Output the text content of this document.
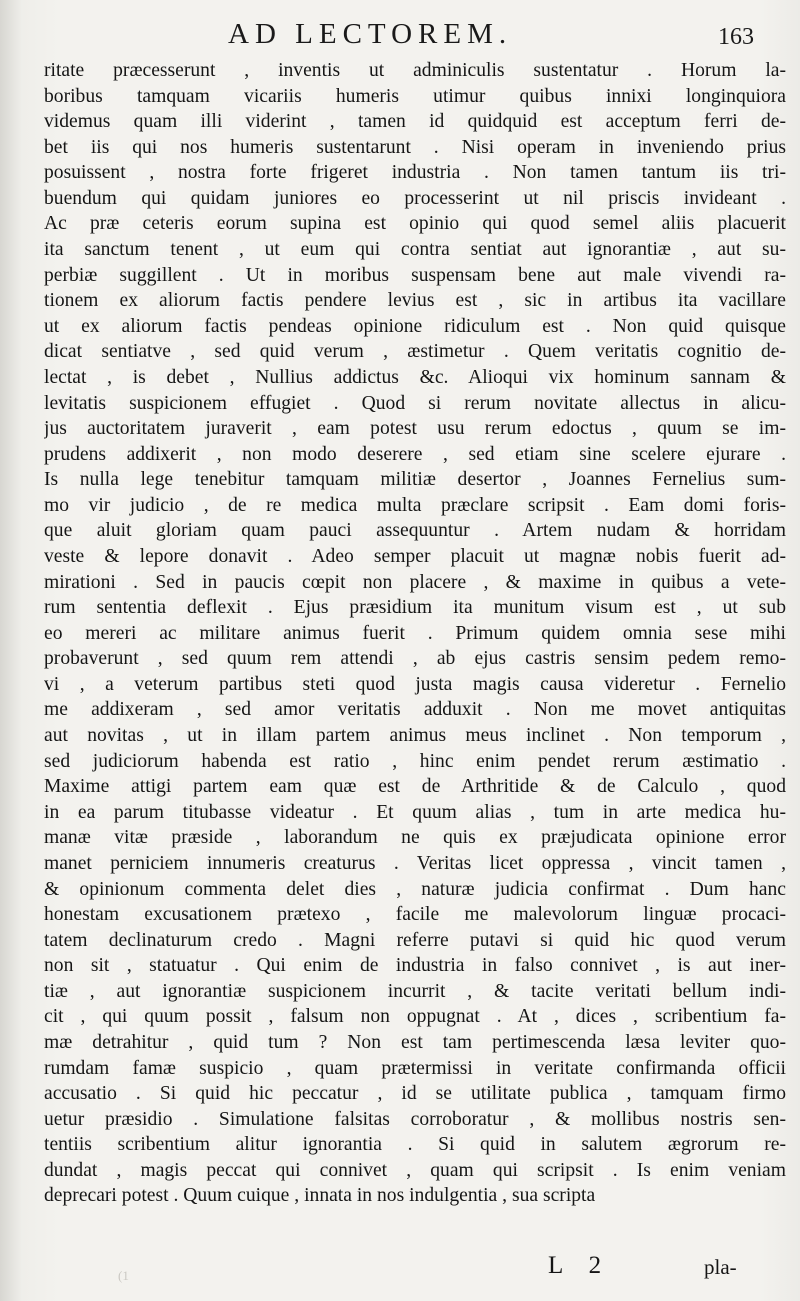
AD LECTOREM.	163
ritate præcesserunt , inventis ut adminiculis sustentatur . Horum la-
boribus tamquam vicariis humeris utimur quibus innixi longinquiora
videmus quam illi viderint , tamen id quidquid est acceptum ferri de-
bet iis qui nos humeris sustentarunt . Nisi operam in inveniendo prius
posuissent , nostra forte frigeret industria . Non tamen tantum iis tri-
buendum qui quidam juniores eo processerint ut nil priscis invideant .
Ac præ ceteris eorum supina est opinio qui quod semel aliis placuerit
ita sanctum tenent , ut eum qui contra sentiat aut ignorantiæ , aut su-
perbiæ suggillent . Ut in moribus suspensam bene aut male vivendi ra-
tionem ex aliorum factis pendere levius est , sic in artibus ita vacillare
ut ex aliorum factis pendeas opinione ridiculum est . Non quid quisque
dicat sentiatve , sed quid verum , æstimetur . Quem veritatis cognitio de-
lectat , is debet , Nullius addictus &c. Alioqui vix hominum sannam &
levitatis suspicionem effugiet . Quod si rerum novitate allectus in alicu-
jus auctoritatem juraverit , eam potest usu rerum edoctus , quum se im-
prudens addixerit , non modo deserere , sed etiam sine scelere ejurare .
Is nulla lege tenebitur tamquam militiæ desertor , Joannes Fernelius sum-
mo vir judicio , de re medica multa præclare scripsit . Eam domi foris-
que aluit gloriam quam pauci assequuntur . Artem nudam & horridam
veste & lepore donavit . Adeo semper placuit ut magnæ nobis fuerit ad-
mirationi . Sed in paucis cœpit non placere , & maxime in quibus a vete-
rum sententia deflexit . Ejus præsidium ita munitum visum est , ut sub
eo mereri ac militare animus fuerit . Primum quidem omnia sese mihi
probaverunt , sed quum rem attendi , ab ejus castris sensim pedem remo-
vi , a veterum partibus steti quod justa magis causa videretur . Fernelio
me addixeram , sed amor veritatis adduxit . Non me movet antiquitas
aut novitas , ut in illam partem animus meus inclinet . Non temporum ,
sed judiciorum habenda est ratio , hinc enim pendet rerum æstimatio .
Maxime attigi partem eam quæ est de Arthritide & de Calculo , quod
in ea parum titubasse videatur . Et quum alias , tum in arte medica hu-
manæ vitæ præside , laborandum ne quis ex præjudicata opinione error
manet perniciem innumeris creaturus . Veritas licet oppressa , vincit tamen ,
& opinionum commenta delet dies , naturæ judicia confirmat . Dum hanc
honestam excusationem prætexo , facile me malevolorum linguæ procaci-
tatem declinaturum credo . Magni referre putavi si quid hic quod verum
non sit , statuatur . Qui enim de industria in falso connivet , is aut iner-
tiæ , aut ignorantiæ suspicionem incurrit , & tacite veritati bellum indi-
cit , qui quum possit , falsum non oppugnat . At , dices , scribentium fa-
mæ detrahitur , quid tum ? Non est tam pertimescenda læsa leviter quo-
rumdam famæ suspicio , quam prætermissi in veritate confirmanda officii
accusatio . Si quid hic peccatur , id se utilitate publica , tamquam firmo
uetur præsidio . Simulatione falsitas corroboratur , & mollibus nostris sen-
tentiis scribentium alitur ignorantia . Si quid in salutem ægrorum re-
dundat , magis peccat qui connivet , quam qui scripsit . Is enim veniam
deprecari potest . Quum cuique , innata in nos indulgentia , sua scripta
L 2	pla-
(1
